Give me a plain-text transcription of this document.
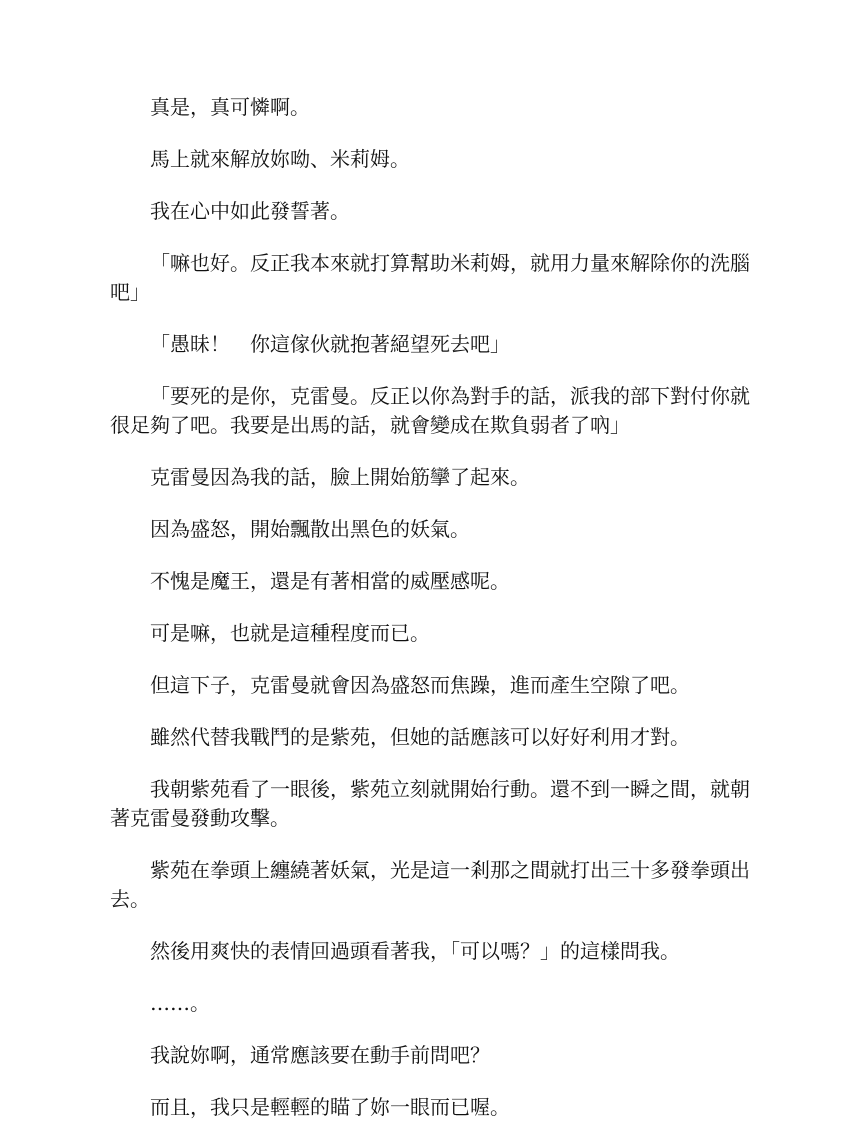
真是，真可憐啊。

馬上就來解放妳呦、米莉姆。

我在心中如此發誓著。

「嘛也好。反正我本來就打算幫助米莉姆，就用力量來解除你的洗腦吧」

「愚昧！　你這傢伙就抱著絕望死去吧」

「要死的是你，克雷曼。反正以你為對手的話，派我的部下對付你就很足夠了吧。我要是出馬的話，就會變成在欺負弱者了吶」

克雷曼因為我的話，臉上開始筋攣了起來。

因為盛怒，開始飄散出黑色的妖氣。

不愧是魔王，還是有著相當的威壓感呢。

可是嘛，也就是這種程度而已。

但這下子，克雷曼就會因為盛怒而焦躁，進而產生空隙了吧。

雖然代替我戰鬥的是紫苑，但她的話應該可以好好利用才對。

我朝紫苑看了一眼後，紫苑立刻就開始行動。還不到一瞬之間，就朝著克雷曼發動攻擊。

紫苑在拳頭上纏繞著妖氣，光是這一剎那之間就打出三十多發拳頭出去。

然後用爽快的表情回過頭看著我，「可以嗎？」的這樣問我。

……。

我說妳啊，通常應該要在動手前問吧？

而且，我只是輕輕的瞄了妳一眼而已喔。
